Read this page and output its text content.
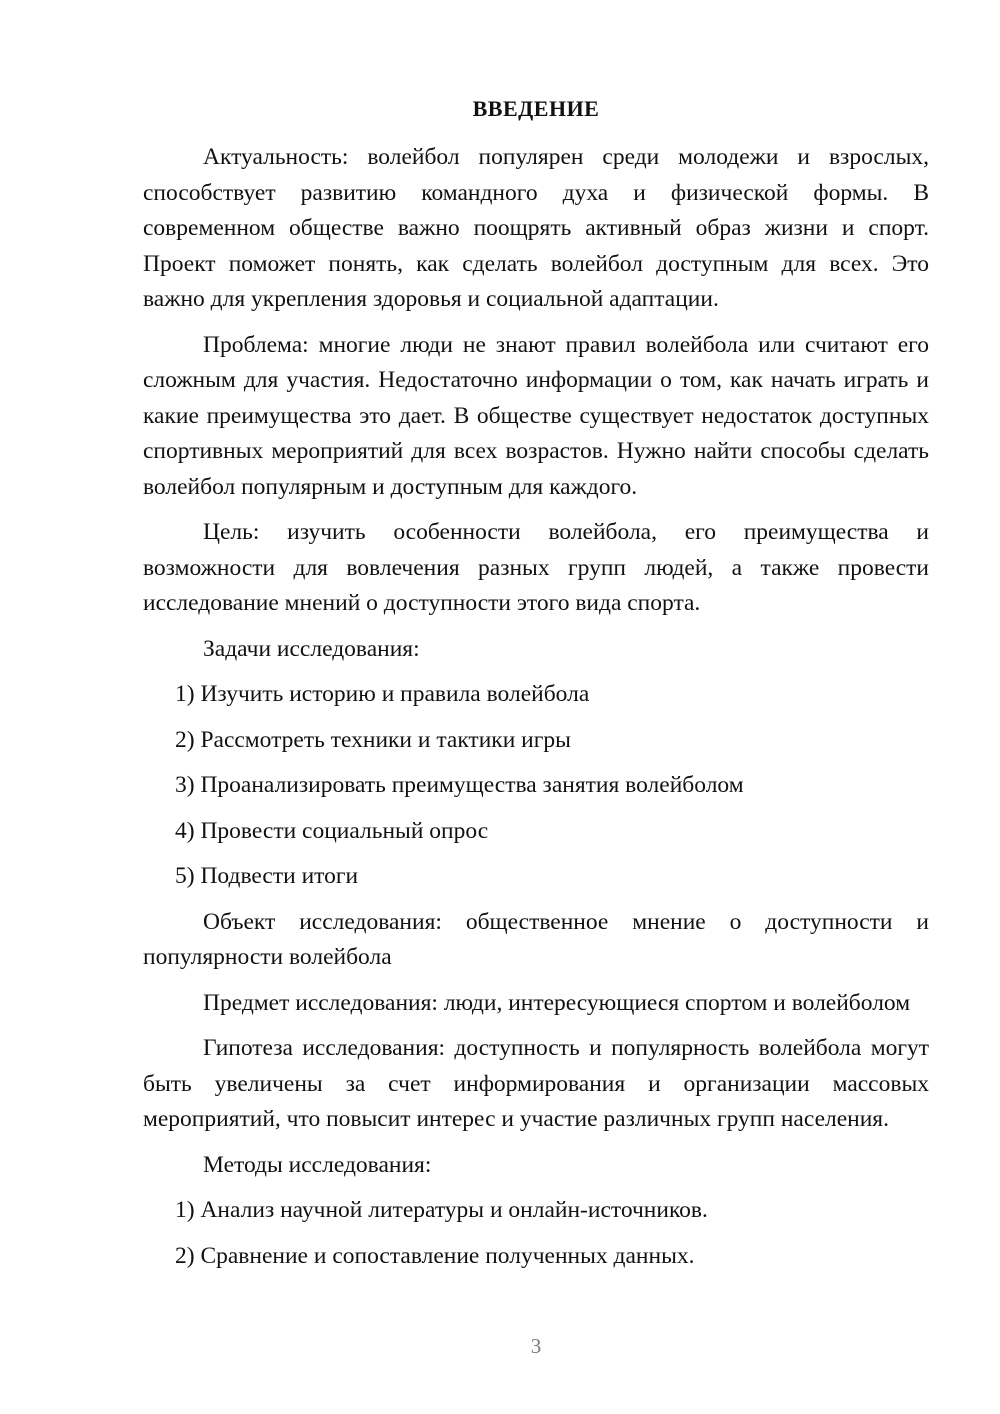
ВВЕДЕНИЕ

Актуальность: волейбол популярен среди молодежи и взрослых, способствует развитию командного духа и физической формы. В современном обществе важно поощрять активный образ жизни и спорт. Проект поможет понять, как сделать волейбол доступным для всех. Это важно для укрепления здоровья и социальной адаптации.

Проблема: многие люди не знают правил волейбола или считают его сложным для участия. Недостаточно информации о том, как начать играть и какие преимущества это дает. В обществе существует недостаток доступных спортивных мероприятий для всех возрастов. Нужно найти способы сделать волейбол популярным и доступным для каждого.

Цель: изучить особенности волейбола, его преимущества и возможности для вовлечения разных групп людей, а также провести исследование мнений о доступности этого вида спорта.

Задачи исследования:

1) Изучить историю и правила волейбола

2) Рассмотреть техники и тактики игры

3) Проанализировать преимущества занятия волейболом

4) Провести социальный опрос

5) Подвести итоги

Объект исследования: общественное мнение о доступности и популярности волейбола

Предмет исследования: люди, интересующиеся спортом и волейболом

Гипотеза исследования: доступность и популярность волейбола могут быть увеличены за счет информирования и организации массовых мероприятий, что повысит интерес и участие различных групп населения.

Методы исследования:

1) Анализ научной литературы и онлайн-источников.

2) Сравнение и сопоставление полученных данных.

3
